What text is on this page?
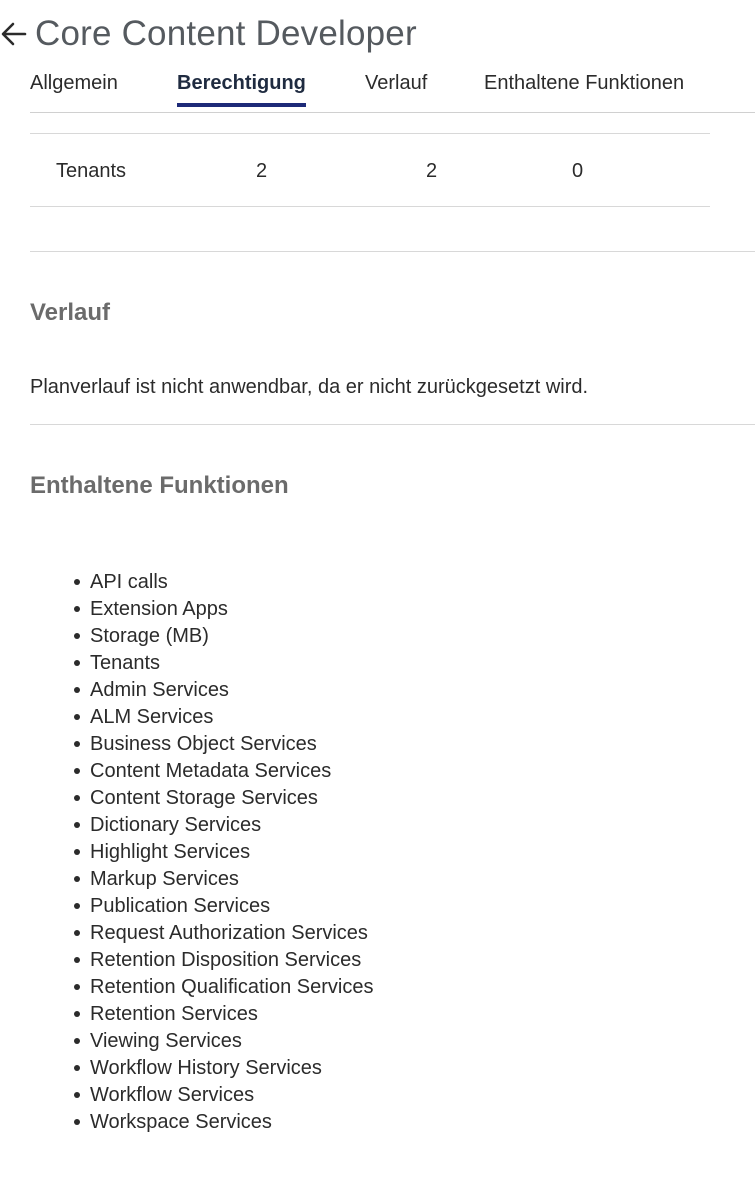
Core Content Developer
Allgemein	Berechtigung	Verlauf	Enthaltene Funktionen
Tenants	2	2	0
Verlauf
Planverlauf ist nicht anwendbar, da er nicht zurückgesetzt wird.
Enthaltene Funktionen
API calls
Extension Apps
Storage (MB)
Tenants
Admin Services
ALM Services
Business Object Services
Content Metadata Services
Content Storage Services
Dictionary Services
Highlight Services
Markup Services
Publication Services
Request Authorization Services
Retention Disposition Services
Retention Qualification Services
Retention Services
Viewing Services
Workflow History Services
Workflow Services
Workspace Services
